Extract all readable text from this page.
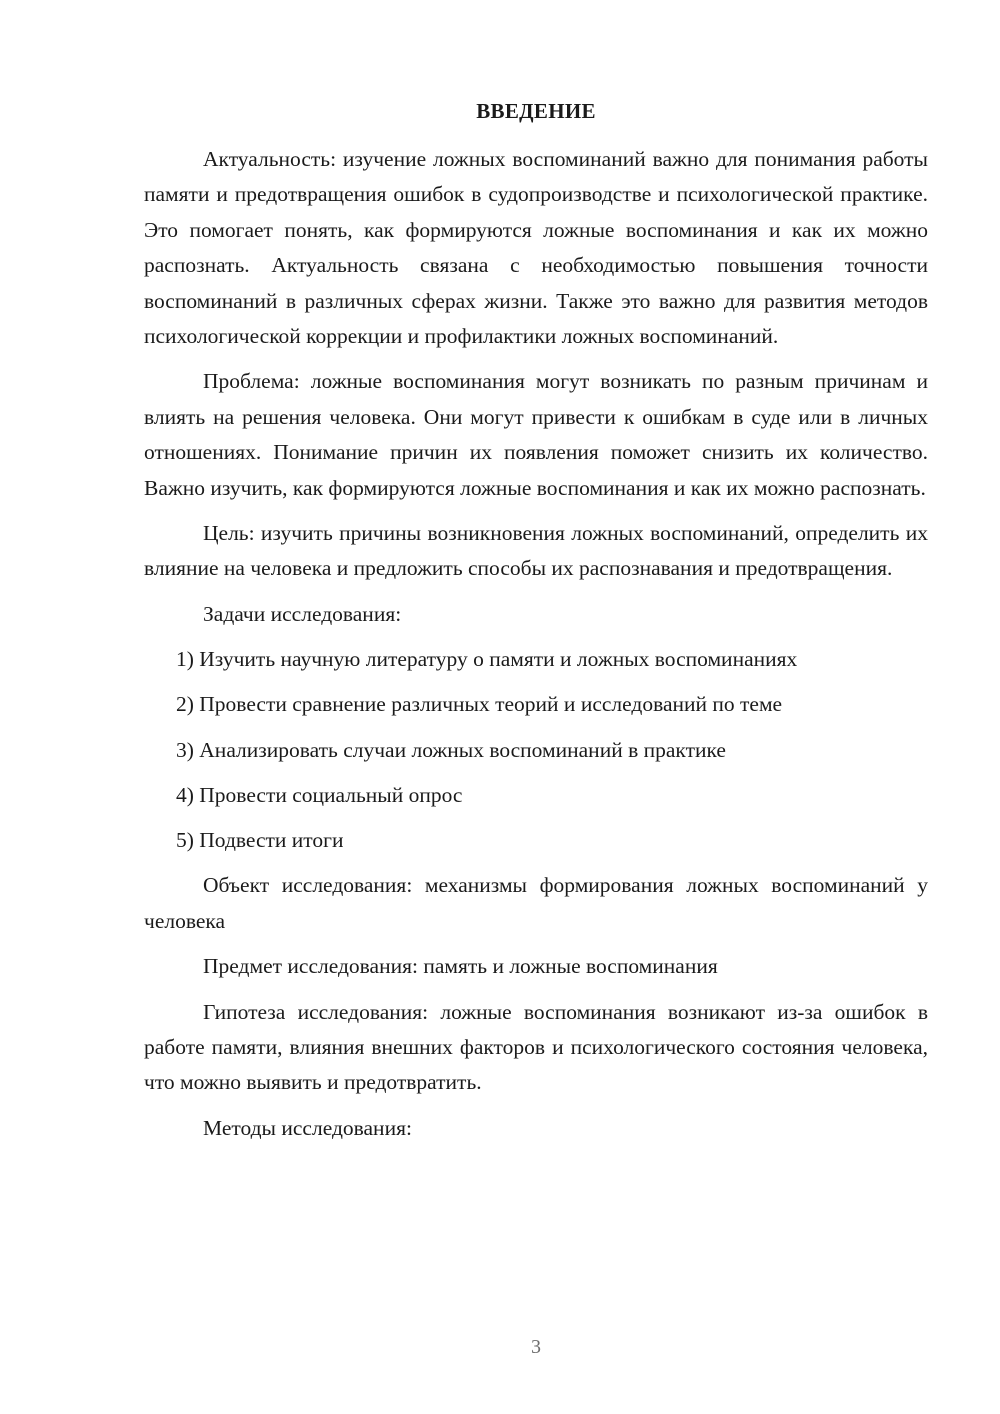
ВВЕДЕНИЕ

Актуальность: изучение ложных воспоминаний важно для понимания работы памяти и предотвращения ошибок в судопроизводстве и психологической практике. Это помогает понять, как формируются ложные воспоминания и как их можно распознать. Актуальность связана с необходимостью повышения точности воспоминаний в различных сферах жизни. Также это важно для развития методов психологической коррекции и профилактики ложных воспоминаний.

Проблема: ложные воспоминания могут возникать по разным причинам и влиять на решения человека. Они могут привести к ошибкам в суде или в личных отношениях. Понимание причин их появления поможет снизить их количество. Важно изучить, как формируются ложные воспоминания и как их можно распознать.

Цель: изучить причины возникновения ложных воспоминаний, определить их влияние на человека и предложить способы их распознавания и предотвращения.

Задачи исследования:

1) Изучить научную литературу о памяти и ложных воспоминаниях

2) Провести сравнение различных теорий и исследований по теме

3) Анализировать случаи ложных воспоминаний в практике

4) Провести социальный опрос

5) Подвести итоги

Объект исследования: механизмы формирования ложных воспоминаний у человека

Предмет исследования: память и ложные воспоминания

Гипотеза исследования: ложные воспоминания возникают из-за ошибок в работе памяти, влияния внешних факторов и психологического состояния человека, что можно выявить и предотвратить.

Методы исследования:

3
